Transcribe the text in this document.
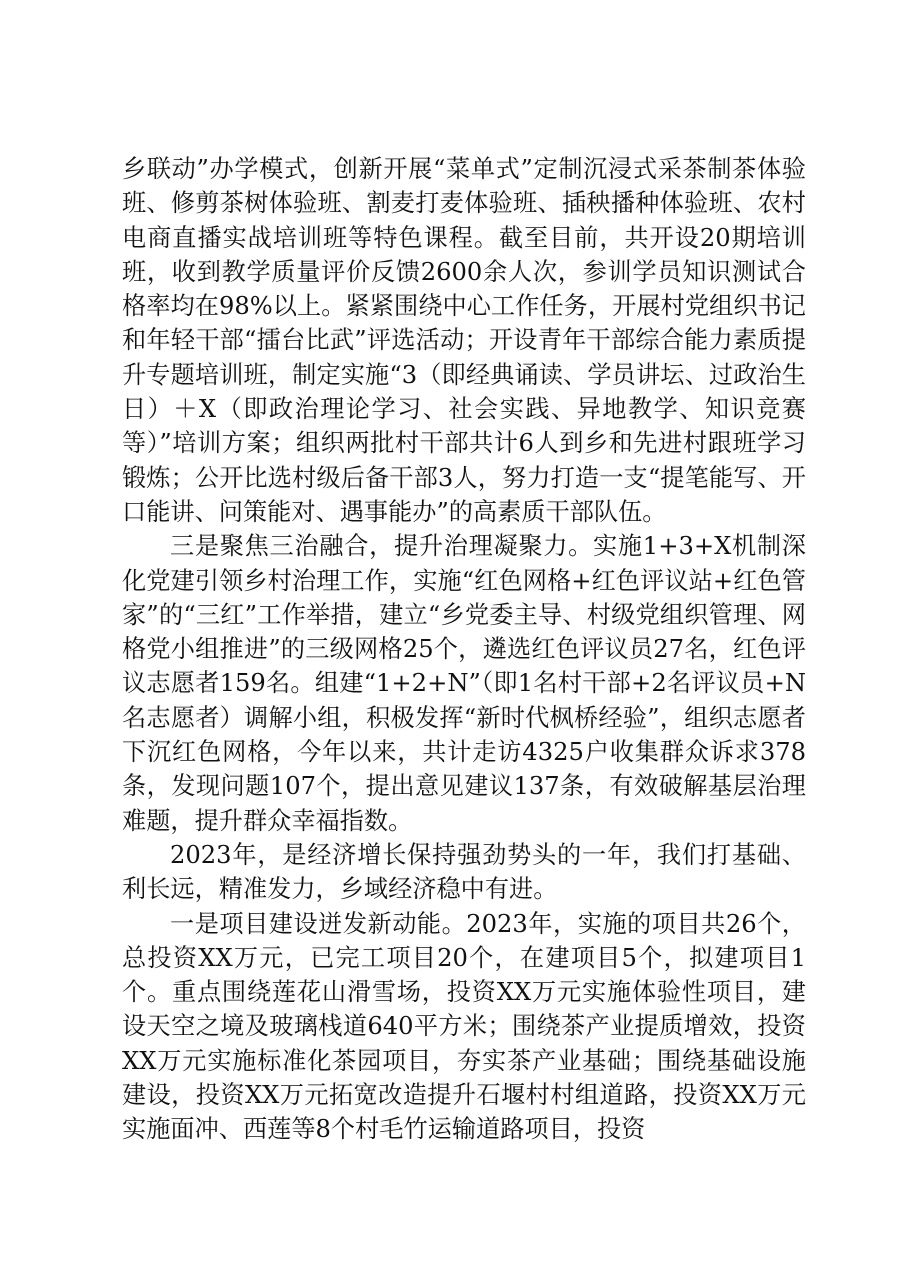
乡联动”办学模式，创新开展“菜单式”定制沉浸式采茶制茶体验班、修剪茶树体验班、割麦打麦体验班、插秧播种体验班、农村电商直播实战培训班等特色课程。截至目前，共开设20期培训班，收到教学质量评价反馈2600余人次，参训学员知识测试合格率均在98%以上。紧紧围绕中心工作任务，开展村党组织书记和年轻干部“擂台比武”评选活动；开设青年干部综合能力素质提升专题培训班，制定实施“3（即经典诵读、学员讲坛、过政治生日）＋X（即政治理论学习、社会实践、异地教学、知识竞赛等）”培训方案；组织两批村干部共计6人到乡和先进村跟班学习锻炼；公开比选村级后备干部3人，努力打造一支“提笔能写、开口能讲、问策能对、遇事能办”的高素质干部队伍。

三是聚焦三治融合，提升治理凝聚力。实施1+3+X机制深化党建引领乡村治理工作，实施“红色网格+红色评议站+红色管家”的“三红”工作举措，建立“乡党委主导、村级党组织管理、网格党小组推进”的三级网格25个，遴选红色评议员27名，红色评议志愿者159名。组建“1+2+N”（即1名村干部+2名评议员+N名志愿者）调解小组，积极发挥“新时代枫桥经验”，组织志愿者下沉红色网格，今年以来，共计走访4325户收集群众诉求378条，发现问题107个，提出意见建议137条，有效破解基层治理难题，提升群众幸福指数。

2023年，是经济增长保持强劲势头的一年，我们打基础、利长远，精准发力，乡域经济稳中有进。

一是项目建设迸发新动能。2023年，实施的项目共26个，总投资XX万元，已完工项目20个，在建项目5个，拟建项目1个。重点围绕莲花山滑雪场，投资XX万元实施体验性项目，建设天空之境及玻璃栈道640平方米；围绕茶产业提质增效，投资XX万元实施标准化茶园项目，夯实茶产业基础；围绕基础设施建设，投资XX万元拓宽改造提升石堰村村组道路，投资XX万元实施面冲、西莲等8个村毛竹运输道路项目，投资
